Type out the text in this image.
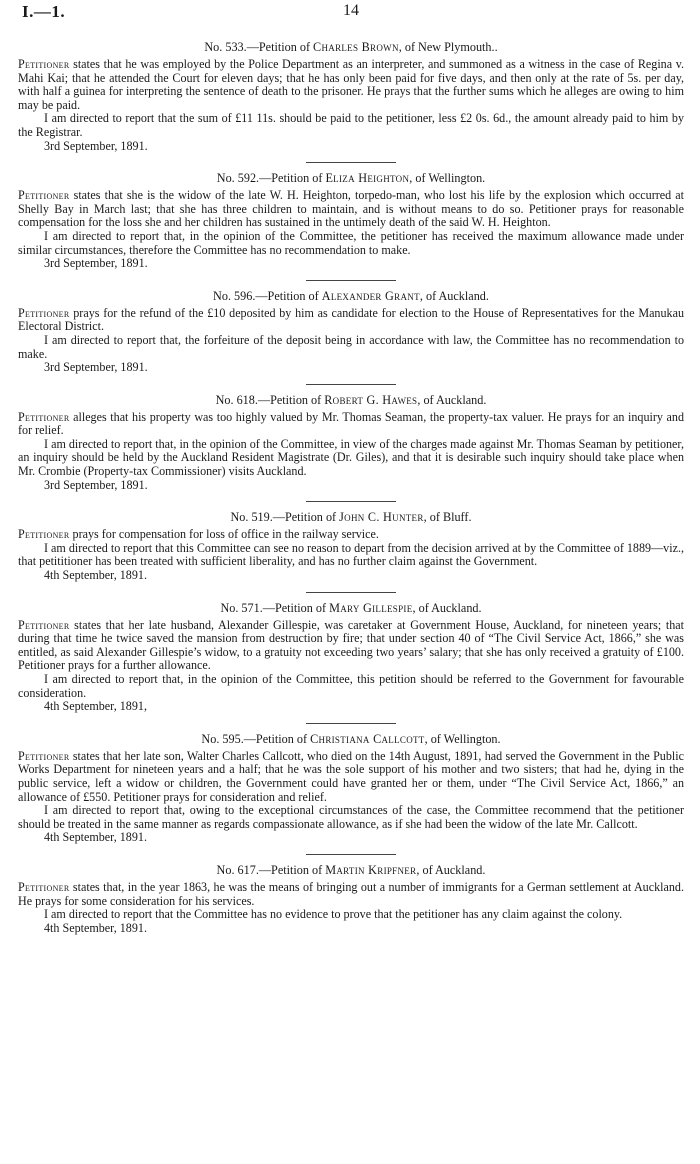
I.—1.	14

No. 533.—Petition of Charles Brown, of New Plymouth..

Petitioner states that he was employed by the Police Department as an interpreter, and summoned as a witness in the case of Regina v. Mahi Kai; that he attended the Court for eleven days; that he has only been paid for five days, and then only at the rate of 5s. per day, with half a guinea for interpreting the sentence of death to the prisoner. He prays that the further sums which he alleges are owing to him may be paid.

I am directed to report that the sum of £11 11s. should be paid to the petitioner, less £2 0s. 6d., the amount already paid to him by the Registrar.

3rd September, 1891.

No. 592.—Petition of Eliza Heighton, of Wellington.

Petitioner states that she is the widow of the late W. H. Heighton, torpedo-man, who lost his life by the explosion which occurred at Shelly Bay in March last; that she has three children to maintain, and is without means to do so. Petitioner prays for reasonable compensation for the loss she and her children has sustained in the untimely death of the said W. H. Heighton.

I am directed to report that, in the opinion of the Committee, the petitioner has received the maximum allowance made under similar circumstances, therefore the Committee has no recommendation to make.

3rd September, 1891.

No. 596.—Petition of Alexander Grant, of Auckland.

Petitioner prays for the refund of the £10 deposited by him as candidate for election to the House of Representatives for the Manukau Electoral District.

I am directed to report that, the forfeiture of the deposit being in accordance with law, the Committee has no recommendation to make.

3rd September, 1891.

No. 618.—Petition of Robert G. Hawes, of Auckland.

Petitioner alleges that his property was too highly valued by Mr. Thomas Seaman, the property-tax valuer. He prays for an inquiry and for relief.

I am directed to report that, in the opinion of the Committee, in view of the charges made against Mr. Thomas Seaman by petitioner, an inquiry should be held by the Auckland Resident Magistrate (Dr. Giles), and that it is desirable such inquiry should take place when Mr. Crombie (Property-tax Commissioner) visits Auckland.

3rd September, 1891.

No. 519.—Petition of John C. Hunter, of Bluff.

Petitioner prays for compensation for loss of office in the railway service.

I am directed to report that this Committee can see no reason to depart from the decision arrived at by the Committee of 1889—viz., that petititioner has been treated with sufficient liberality, and has no further claim against the Government.

4th September, 1891.

No. 571.—Petition of Mary Gillespie, of Auckland.

Petitioner states that her late husband, Alexander Gillespie, was caretaker at Government House, Auckland, for nineteen years; that during that time he twice saved the mansion from destruction by fire; that under section 40 of “The Civil Service Act, 1866,” she was entitled, as said Alexander Gillespie’s widow, to a gratuity not exceeding two years’ salary; that she has only received a gratuity of £100. Petitioner prays for a further allowance.

I am directed to report that, in the opinion of the Committee, this petition should be referred to the Government for favourable consideration.

4th September, 1891,

No. 595.—Petition of Christiana Callcott, of Wellington.

Petitioner states that her late son, Walter Charles Callcott, who died on the 14th August, 1891, had served the Government in the Public Works Department for nineteen years and a half; that he was the sole support of his mother and two sisters; that had he, dying in the public service, left a widow or children, the Government could have granted her or them, under “The Civil Service Act, 1866,” an allowance of £550. Petitioner prays for consideration and relief.

I am directed to report that, owing to the exceptional circumstances of the case, the Committee recommend that the petitioner should be treated in the same manner as regards compassionate allowance, as if she had been the widow of the late Mr. Callcott.

4th September, 1891.

No. 617.—Petition of Martin Kripfner, of Auckland.

Petitioner states that, in the year 1863, he was the means of bringing out a number of immigrants for a German settlement at Auckland. He prays for some consideration for his services.

I am directed to report that the Committee has no evidence to prove that the petitioner has any claim against the colony.

4th September, 1891.
